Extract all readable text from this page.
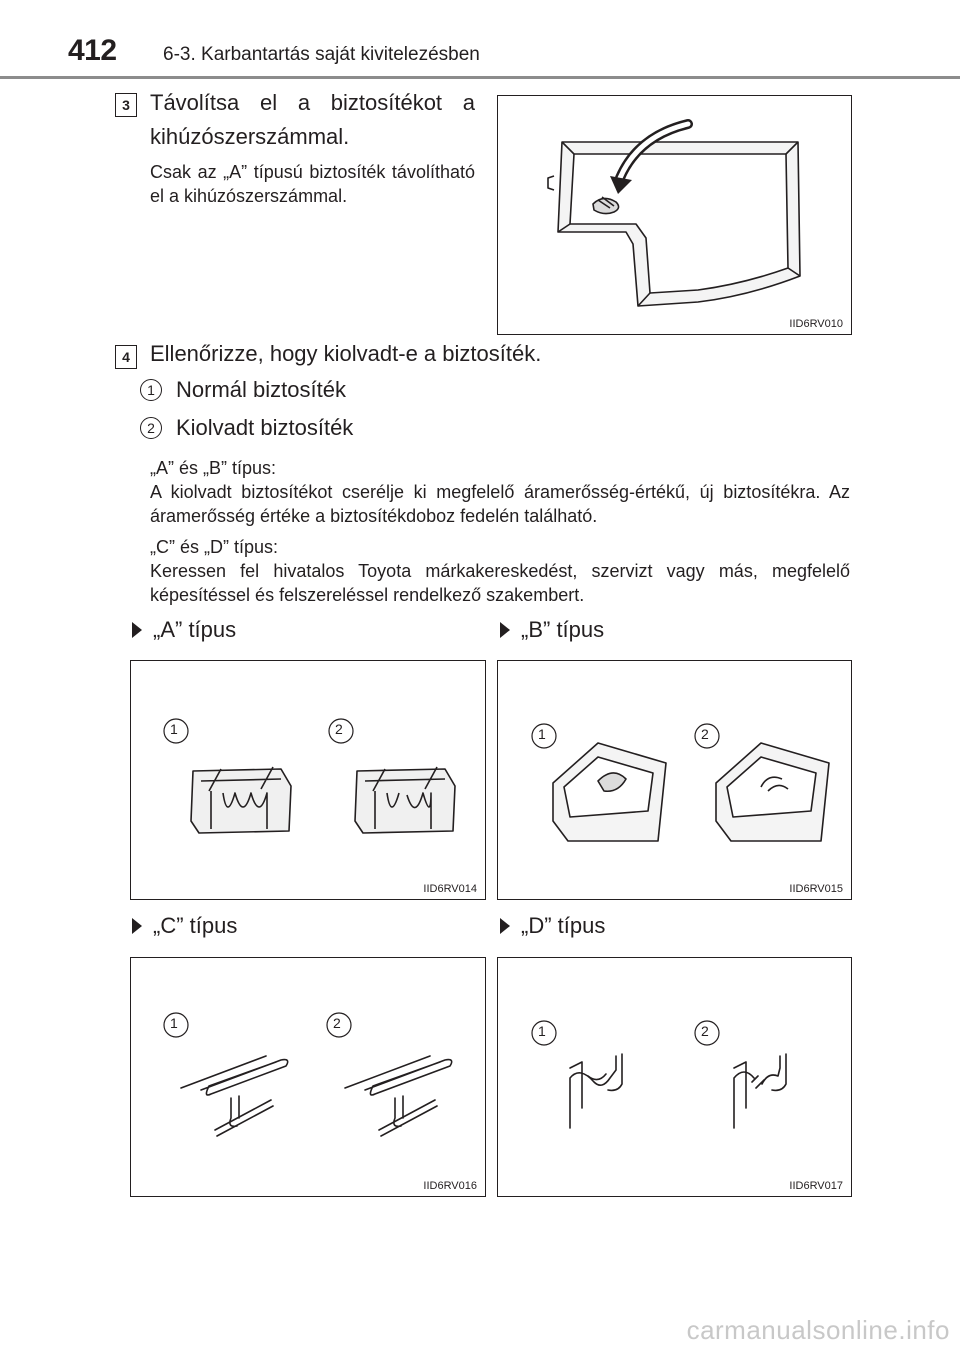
412 6-3. Karbantartás saját kivitelezésben
3 Távolítsa el a biztosítékot a kihúzószerszámmal.
Csak az „A” típusú biztosíték távolítható el a kihúzószerszámmal.
IID6RV010
4 Ellenőrizze, hogy kiolvadt-e a biztosíték.
1 Normál biztosíték
2 Kiolvadt biztosíték
„A” és „B” típus:
A kiolvadt biztosítékot cserélje ki megfelelő áramerősség-értékű, új biztosítékra. Az áramerősség értéke a biztosítékdoboz fedelén található.
„C” és „D” típus:
Keressen fel hivatalos Toyota márkakereskedést, szervizt vagy más, megfelelő képesítéssel és felszereléssel rendelkező szakembert.
„A” típus	„B” típus
1	2
IID6RV014
1	2
IID6RV015
„C” típus	„D” típus
1	2
IID6RV016
1	2
IID6RV017
carmanualsonline.info
